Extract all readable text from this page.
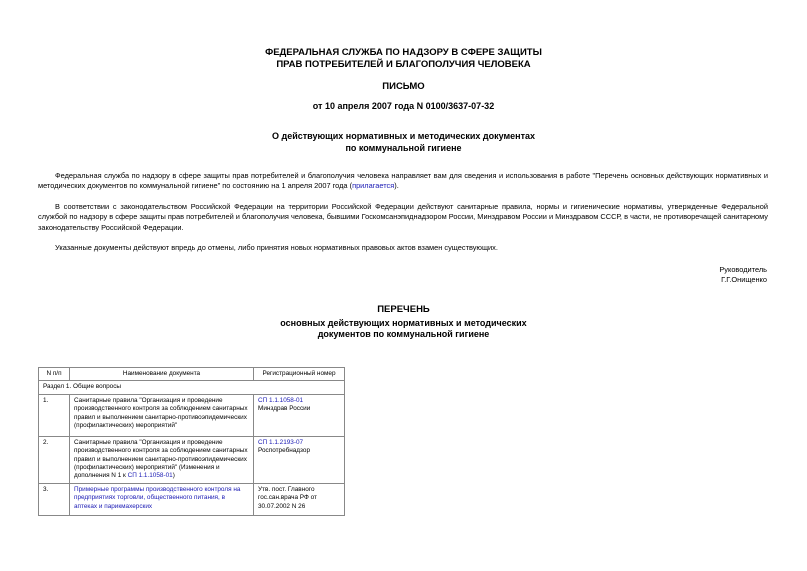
ФЕДЕРАЛЬНАЯ СЛУЖБА ПО НАДЗОРУ В СФЕРЕ ЗАЩИТЫ
ПРАВ ПОТРЕБИТЕЛЕЙ И БЛАГОПОЛУЧИЯ ЧЕЛОВЕКА
ПИСЬМО
от 10 апреля 2007 года N 0100/3637-07-32
О действующих нормативных и методических документах
по коммунальной гигиене
Федеральная служба по надзору в сфере защиты прав потребителей и благополучия человека направляет вам для сведения и использования в работе "Перечень основных действующих нормативных и методических документов по коммунальной гигиене" по состоянию на 1 апреля 2007 года (прилагается).
В соответствии с законодательством Российской Федерации на территории Российской Федерации действуют санитарные правила, нормы и гигиенические нормативы, утвержденные Федеральной службой по надзору в сфере защиты прав потребителей и благополучия человека, бывшими Госкомсанэпиднадзором России, Минздравом России и Минздравом СССР, в части, не противоречащей санитарному законодательству Российской Федерации.
Указанные документы действуют впредь до отмены, либо принятия новых нормативных правовых актов взамен существующих.
Руководитель
Г.Г.Онищенко
ПЕРЕЧЕНЬ
основных действующих нормативных и методических
документов по коммунальной гигиене
N п/п	Наименование документа	Регистрационный номер
Раздел 1. Общие вопросы		
1.	Санитарные правила "Организация и проведение производственного контроля за соблюдением санитарных правил и выполнением санитарно-противоэпидемических (профилактических) мероприятий"	СП 1.1.1058-01
Минздрав России
2.	Санитарные правила "Организация и проведение производственного контроля за соблюдением санитарных правил и выполнением санитарно-противоэпидемических (профилактических) мероприятий" (Изменения и дополнения N 1 к СП 1.1.1058-01)	СП 1.1.2193-07
Роспотребнадзор
3.	Примерные программы производственного контроля на предприятиях торговли, общественного питания, в аптеках и парикмахерских	Утв. пост. Главного гос.сан.врача РФ от 30.07.2002 N 26
